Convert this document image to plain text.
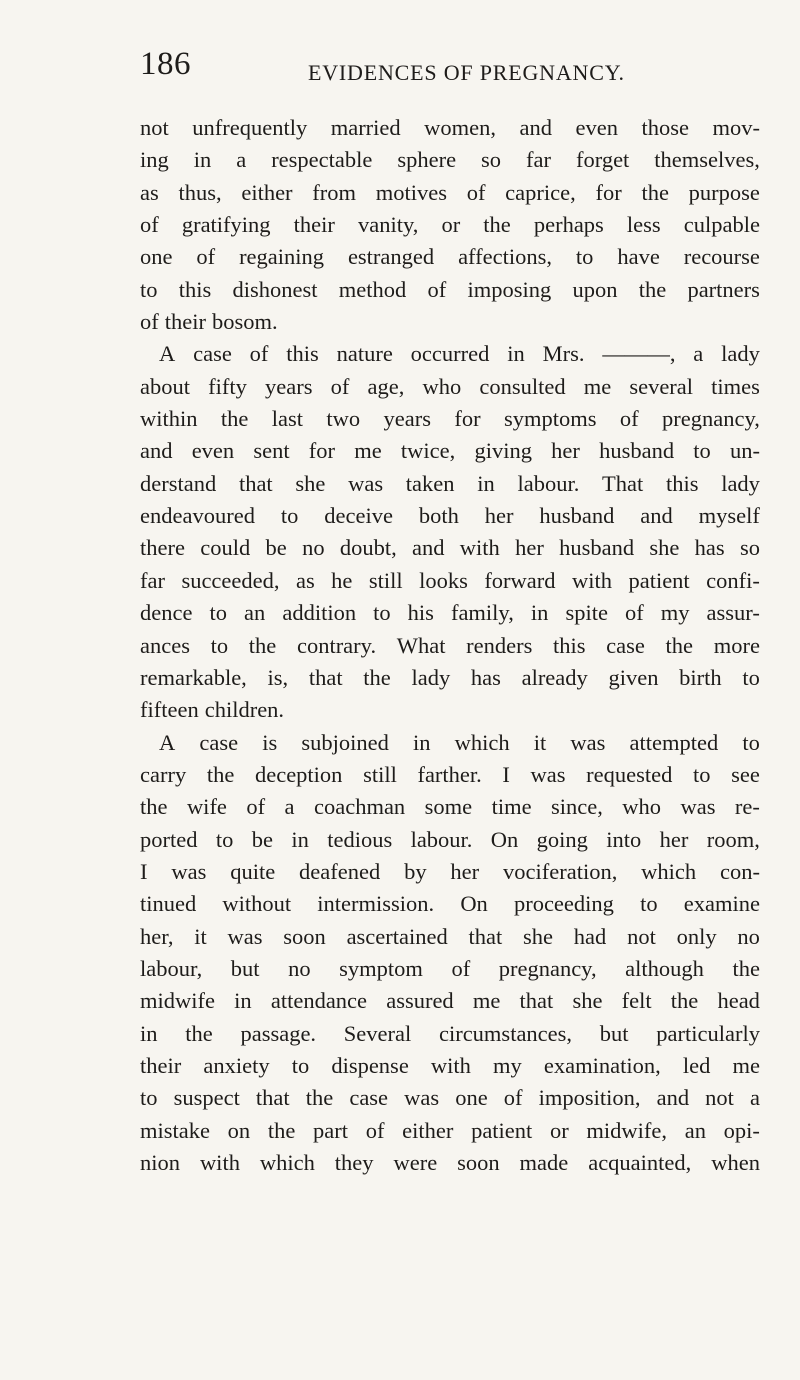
186	EVIDENCES OF PREGNANCY.
not unfrequently married women, and even those mov-
ing in a respectable sphere so far forget themselves,
as thus, either from motives of caprice, for the purpose
of gratifying their vanity, or the perhaps less culpable
one of regaining estranged affections, to have recourse
to this dishonest method of imposing upon the partners
of their bosom.
A case of this nature occurred in Mrs. ———, a lady
about fifty years of age, who consulted me several times
within the last two years for symptoms of pregnancy,
and even sent for me twice, giving her husband to un-
derstand that she was taken in labour. That this lady
endeavoured to deceive both her husband and myself
there could be no doubt, and with her husband she has so
far succeeded, as he still looks forward with patient confi-
dence to an addition to his family, in spite of my assur-
ances to the contrary. What renders this case the more
remarkable, is, that the lady has already given birth to
fifteen children.
A case is subjoined in which it was attempted to
carry the deception still farther. I was requested to see
the wife of a coachman some time since, who was re-
ported to be in tedious labour. On going into her room,
I was quite deafened by her vociferation, which con-
tinued without intermission. On proceeding to examine
her, it was soon ascertained that she had not only no
labour, but no symptom of pregnancy, although the
midwife in attendance assured me that she felt the head
in the passage. Several circumstances, but particularly
their anxiety to dispense with my examination, led me
to suspect that the case was one of imposition, and not a
mistake on the part of either patient or midwife, an opi-
nion with which they were soon made acquainted, when
